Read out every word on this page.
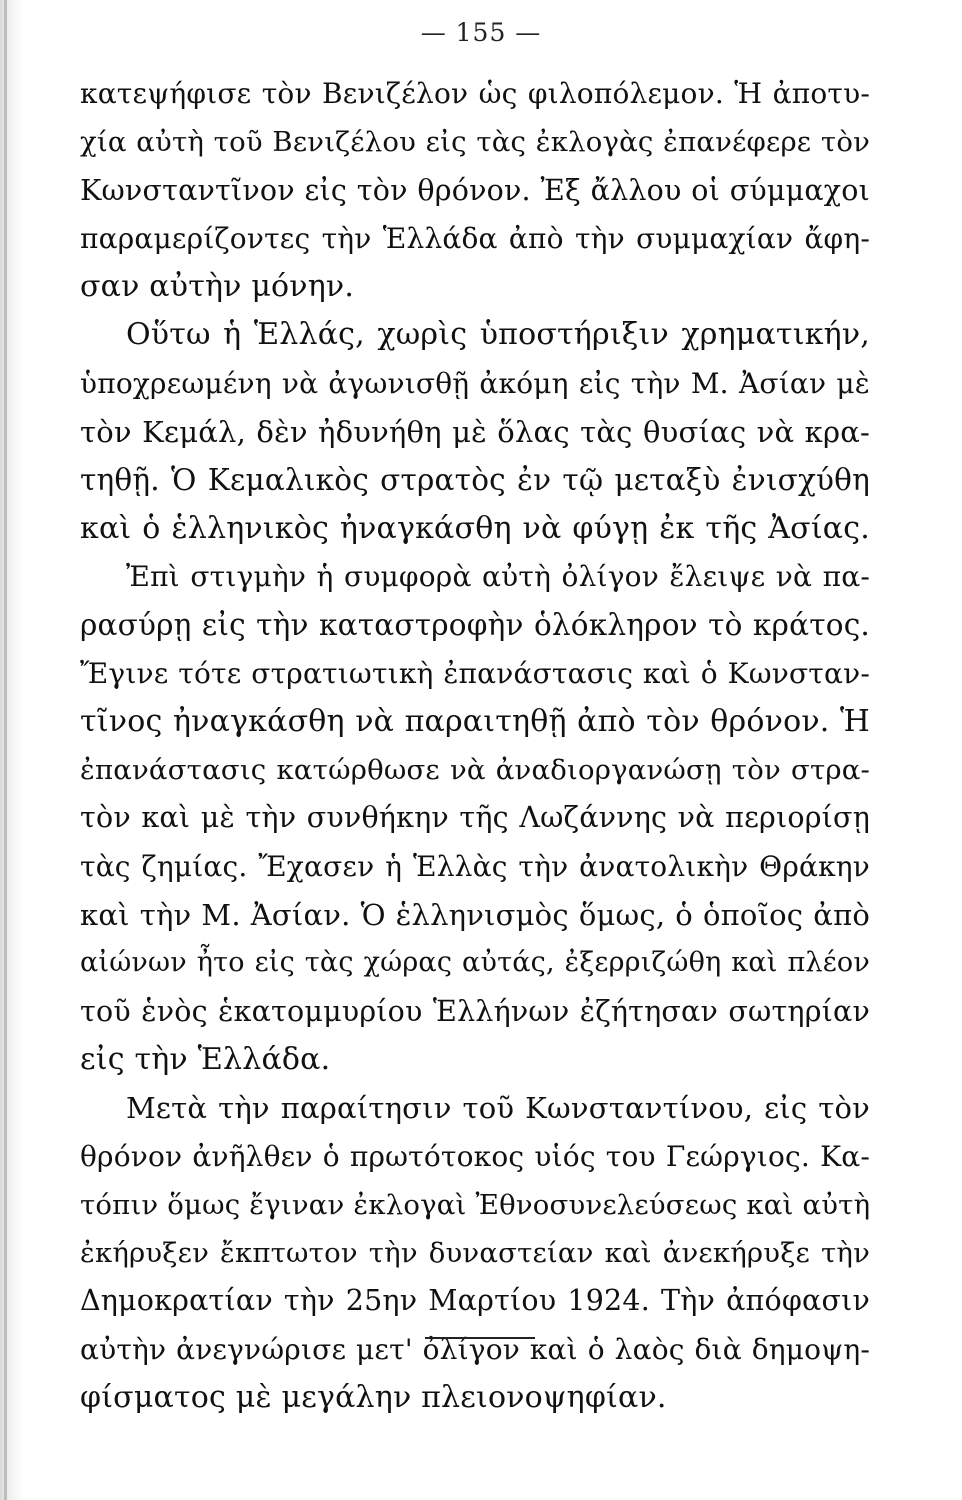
— 155 —
κατεψήφισε τὸν Βενιζέλον ὡς φιλοπόλεμον. Ἡ ἀποτυ-
χία αὐτὴ τοῦ Βενιζέλου εἰς τὰς ἐκλογὰς ἐπανέφερε τὸν
Κωνσταντῖνον εἰς τὸν θρόνον. Ἐξ ἄλλου οἱ σύμμαχοι
παραμερίζοντες τὴν Ἑλλάδα ἀπὸ τὴν συμμαχίαν ἄφη-
σαν αὐτὴν μόνην.
Οὕτω ἡ Ἑλλάς, χωρὶς ὑποστήριξιν χρηματικήν,
ὑποχρεωμένη νὰ ἀγωνισθῇ ἀκόμη εἰς τὴν Μ. Ἀσίαν μὲ
τὸν Κεμάλ, δὲν ἠδυνήθη μὲ ὅλας τὰς θυσίας νὰ κρα-
τηθῇ. Ὁ Κεμαλικὸς στρατὸς ἐν τῷ μεταξὺ ἐνισχύθη
καὶ ὁ ἑλληνικὸς ἠναγκάσθη νὰ φύγῃ ἐκ τῆς Ἀσίας.
Ἐπὶ στιγμὴν ἡ συμφορὰ αὐτὴ ὀλίγον ἔλειψε νὰ πα-
ρασύρῃ εἰς τὴν καταστροφὴν ὁλόκληρον τὸ κράτος.
Ἔγινε τότε στρατιωτικὴ ἐπανάστασις καὶ ὁ Κωνσταν-
τῖνος ἠναγκάσθη νὰ παραιτηθῇ ἀπὸ τὸν θρόνον. Ἡ
ἐπανάστασις κατώρθωσε νὰ ἀναδιοργανώσῃ τὸν στρα-
τὸν καὶ μὲ τὴν συνθήκην τῆς Λωζάννης νὰ περιορίσῃ
τὰς ζημίας. Ἔχασεν ἡ Ἑλλὰς τὴν ἀνατολικὴν Θράκην
καὶ τὴν Μ. Ἀσίαν. Ὁ ἑλληνισμὸς ὅμως, ὁ ὁποῖος ἀπὸ
αἰώνων ἦτο εἰς τὰς χώρας αὐτάς, ἐξερριζώθη καὶ πλέον
τοῦ ἑνὸς ἑκατομμυρίου Ἑλλήνων ἐζήτησαν σωτηρίαν
εἰς τὴν Ἑλλάδα.
Μετὰ τὴν παραίτησιν τοῦ Κωνσταντίνου, εἰς τὸν
θρόνον ἀνῆλθεν ὁ πρωτότοκος υἱός του Γεώργιος. Κα-
τόπιν ὅμως ἔγιναν ἐκλογαὶ Ἐθνοσυνελεύσεως καὶ αὐτὴ
ἐκήρυξεν ἔκπτωτον τὴν δυναστείαν καὶ ἀνεκήρυξε τὴν
Δημοκρατίαν τὴν 25ην Μαρτίου 1924. Τὴν ἀπόφασιν
αὐτὴν ἀνεγνώρισε μετ' ὀλίγον καὶ ὁ λαὸς διὰ δημοψη-
φίσματος μὲ μεγάλην πλειονοψηφίαν.
